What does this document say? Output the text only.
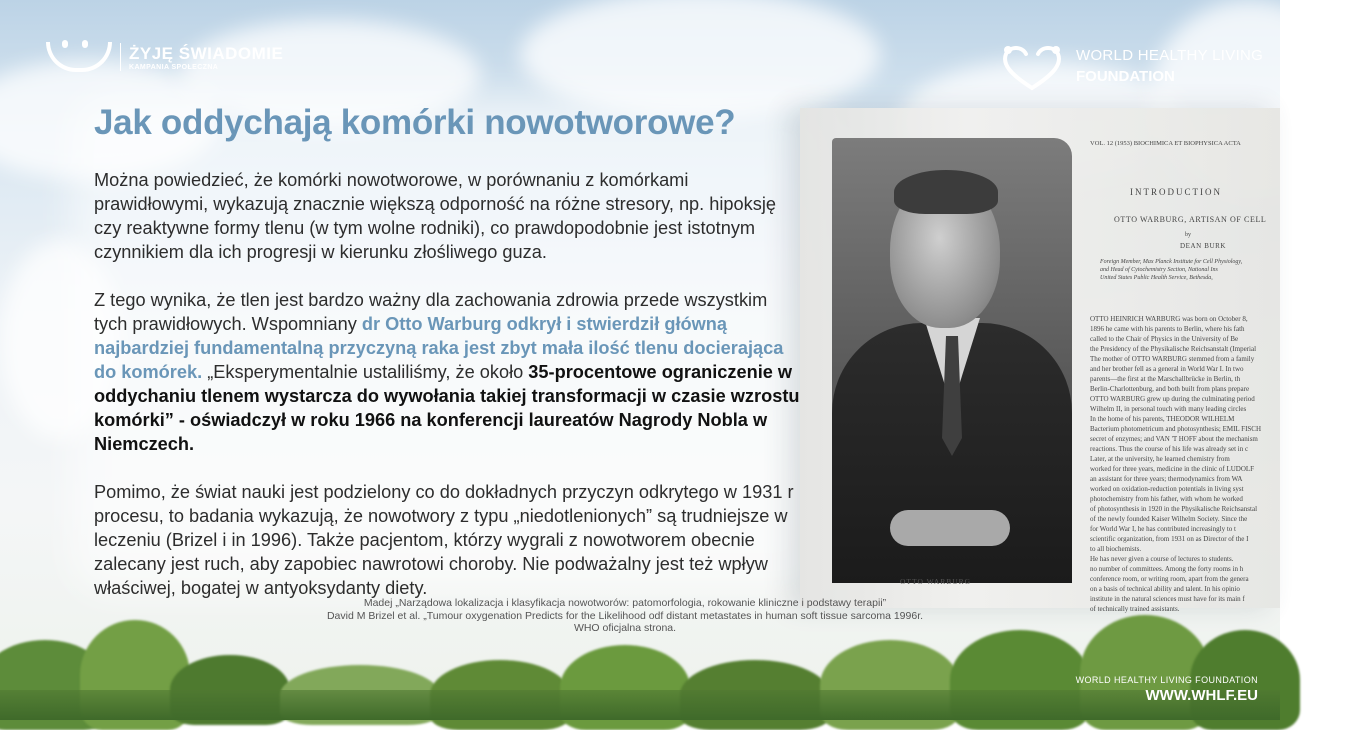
OTTO WARBURG
VOL. 12 (1953) BIOCHIMICA ET BIOPHYSICA ACTA
INTRODUCTION
OTTO WARBURG, ARTISAN OF CELL
by
DEAN BURK
Foreign Member, Max Planck Institute for Cell Physiology,
and Head of Cytochemistry Section, National Ins
United States Public Health Service, Bethesda,
OTTO HEINRICH WARBURG was born on October 8,
1896 he came with his parents to Berlin, where his fath
called to the Chair of Physics in the University of Be
the Presidency of the Physikalische Reichsanstalt (Imperial
The mother of OTTO WARBURG stemmed from a family
and her brother fell as a general in World War I. In two
parents—the first at the Marschallbrücke in Berlin, th
Berlin-Charlottenburg, and both built from plans prepare
OTTO WARBURG grew up during the culminating period
Wilhelm II, in personal touch with many leading circles
In the home of his parents, THEODOR WILHELM
Bacterium photometricum and photosynthesis; EMIL FISCH
secret of enzymes; and VAN 'T HOFF about the mechanism
reactions. Thus the course of his life was already set in c
Later, at the university, he learned chemistry from
worked for three years, medicine in the clinic of LUDOLF
an assistant for three years; thermodynamics from WA
worked on oxidation-reduction potentials in living syst
photochemistry from his father, with whom he worked
of photosynthesis in 1920 in the Physikalische Reichsanstal
of the newly founded Kaiser Wilhelm Society. Since the
for World War I, he has contributed increasingly to t
scientific organization, from 1931 on as Director of the I
to all biochemists.
He has never given a course of lectures to students.
no number of committees. Among the forty rooms in h
conference room, or writing room, apart from the genera
on a basis of technical ability and talent. In his opinio
institute in the natural sciences must have for its main f
of technically trained assistants.
ŻYJĘ ŚWIADOMIE
KAMPANIA SPOŁECZNA
WORLD HEALTHY LIVING
FOUNDATION
Jak oddychają komórki nowotworowe?

Można powiedzieć, że komórki nowotworowe, w porównaniu z komórkami prawidłowymi, wykazują znacznie większą odporność na różne stresory, np. hipoksję czy reaktywne formy tlenu (w tym wolne rodniki), co prawdopodobnie jest istotnym czynnikiem dla ich progresji w kierunku złośliwego guza.

Z tego wynika, że tlen jest bardzo ważny dla zachowania zdrowia przede wszystkim tych prawidłowych. Wspomniany dr Otto Warburg odkrył i stwierdził główną najbardziej fundamentalną przyczyną raka jest zbyt mała ilość tlenu docierająca do komórek. „Eksperymentalnie ustaliliśmy, że około 35-procentowe ograniczenie w oddychaniu tlenem wystarcza do wywołania takiej transformacji w czasie wzrostu komórki” - oświadczył w roku 1966 na konferencji laureatów Nagrody Nobla w Niemczech.

Pomimo, że świat nauki jest podzielony co do dokładnych przyczyn odkrytego w 1931 r procesu, to badania wykazują, że nowotwory z typu „niedotlenionych” są trudniejsze w leczeniu (Brizel i in 1996). Także pacjentom, którzy wygrali z nowotworem obecnie zalecany jest ruch, aby zapobiec nawrotowi choroby. Nie podważalny jest też wpływ właściwej, bogatej w antyoksydanty diety.

Madej „Narządowa lokalizacja i klasyfikacja nowotworów: patomorfologia, rokowanie kliniczne i podstawy terapii”
David M Brizel et al. „Tumour oxygenation Predicts for the Likelihood odf distant metastates in human soft tissue sarcoma 1996r.
WHO oficjalna strona.
WORLD HEALTHY LIVING FOUNDATION
WWW.WHLF.EU
